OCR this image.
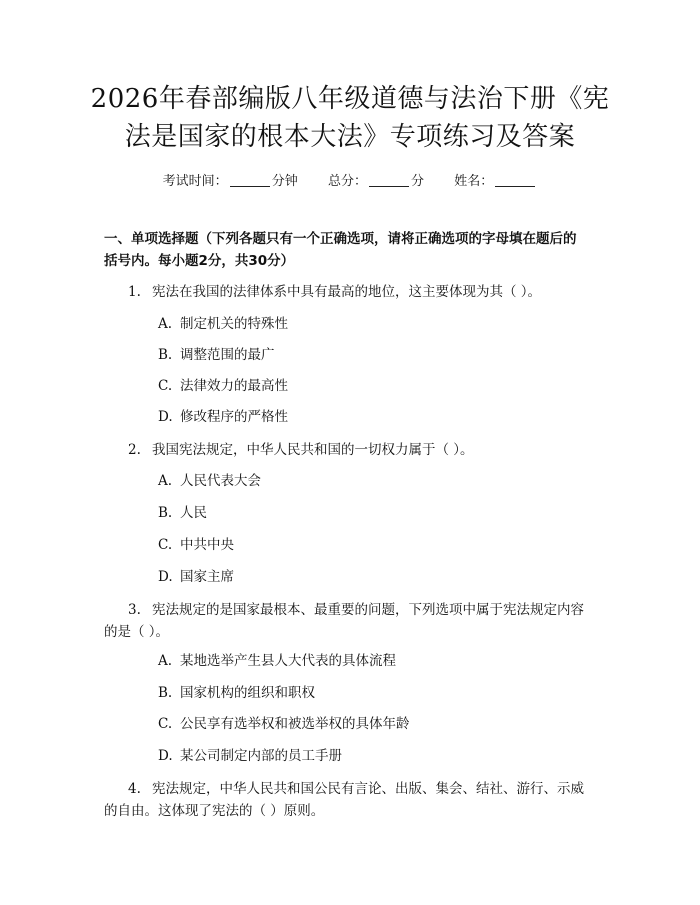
2026年春部编版八年级道德与法治下册《宪
法是国家的根本大法》专项练习及答案
考试时间：	分钟 总分：	分 姓名：
一、单项选择题（下列各题只有一个正确选项，请将正确选项的字母填在题后的
括号内。每小题2分，共30分）
1. 宪法在我国的法律体系中具有最高的地位，这主要体现为其（ ）。
A. 制定机关的特殊性
B. 调整范围的最广
C. 法律效力的最高性
D. 修改程序的严格性
2. 我国宪法规定，中华人民共和国的一切权力属于（ ）。
A. 人民代表大会
B. 人民
C. 中共中央
D. 国家主席
3. 宪法规定的是国家最根本、最重要的问题，下列选项中属于宪法规定内容
的是（ ）。
A. 某地选举产生县人大代表的具体流程
B. 国家机构的组织和职权
C. 公民享有选举权和被选举权的具体年龄
D. 某公司制定内部的员工手册
4. 宪法规定，中华人民共和国公民有言论、出版、集会、结社、游行、示威
的自由。这体现了宪法的（ ）原则。
